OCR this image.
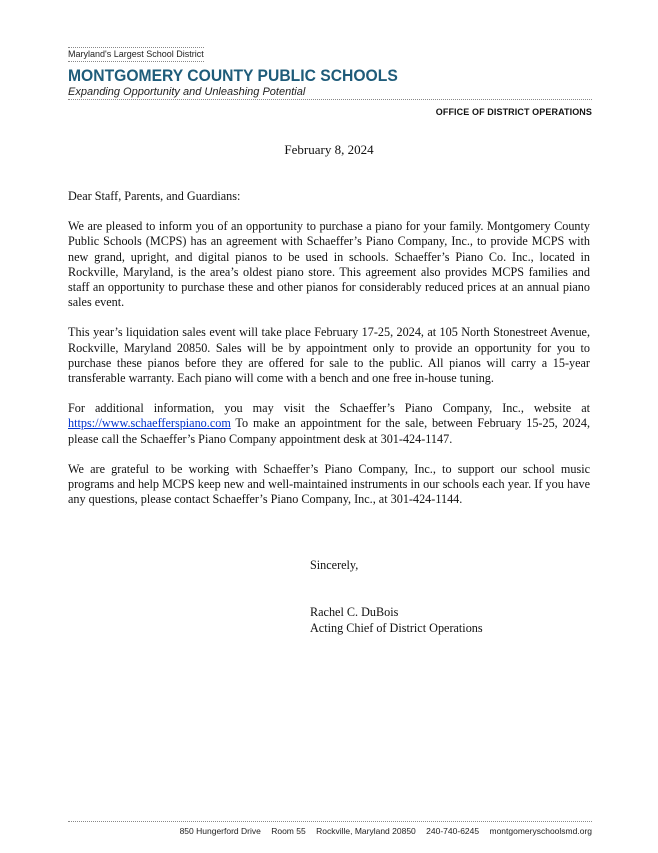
Maryland's Largest School District
MONTGOMERY COUNTY PUBLIC SCHOOLS
Expanding Opportunity and Unleashing Potential
OFFICE OF DISTRICT OPERATIONS
February 8, 2024

Dear Staff, Parents, and Guardians:

We are pleased to inform you of an opportunity to purchase a piano for your family. Montgomery County Public Schools (MCPS) has an agreement with Schaeffer’s Piano Company, Inc., to provide MCPS with new grand, upright, and digital pianos to be used in schools. Schaeffer’s Piano Co. Inc., located in Rockville, Maryland, is the area’s oldest piano store. This agreement also provides MCPS families and staff an opportunity to purchase these and other pianos for considerably reduced prices at an annual piano sales event.

This year’s liquidation sales event will take place February 17-25, 2024, at 105 North Stonestreet Avenue, Rockville, Maryland 20850. Sales will be by appointment only to provide an opportunity for you to purchase these pianos before they are offered for sale to the public. All pianos will carry a 15-year transferable warranty. Each piano will come with a bench and one free in-house tuning.

For additional information, you may visit the Schaeffer’s Piano Company, Inc., website at https://www.schaefferspiano.com To make an appointment for the sale, between February 15-25, 2024, please call the Schaeffer’s Piano Company appointment desk at 301-424-1147.

We are grateful to be working with Schaeffer’s Piano Company, Inc., to support our school music programs and help MCPS keep new and well-maintained instruments in our schools each year. If you have any questions, please contact Schaeffer’s Piano Company, Inc., at 301-424-1144.

Sincerely,
Rachel C. DuBois
Acting Chief of District Operations
850 Hungerford Drive Room 55 Rockville, Maryland 20850 240-740-6245 montgomeryschoolsmd.org
